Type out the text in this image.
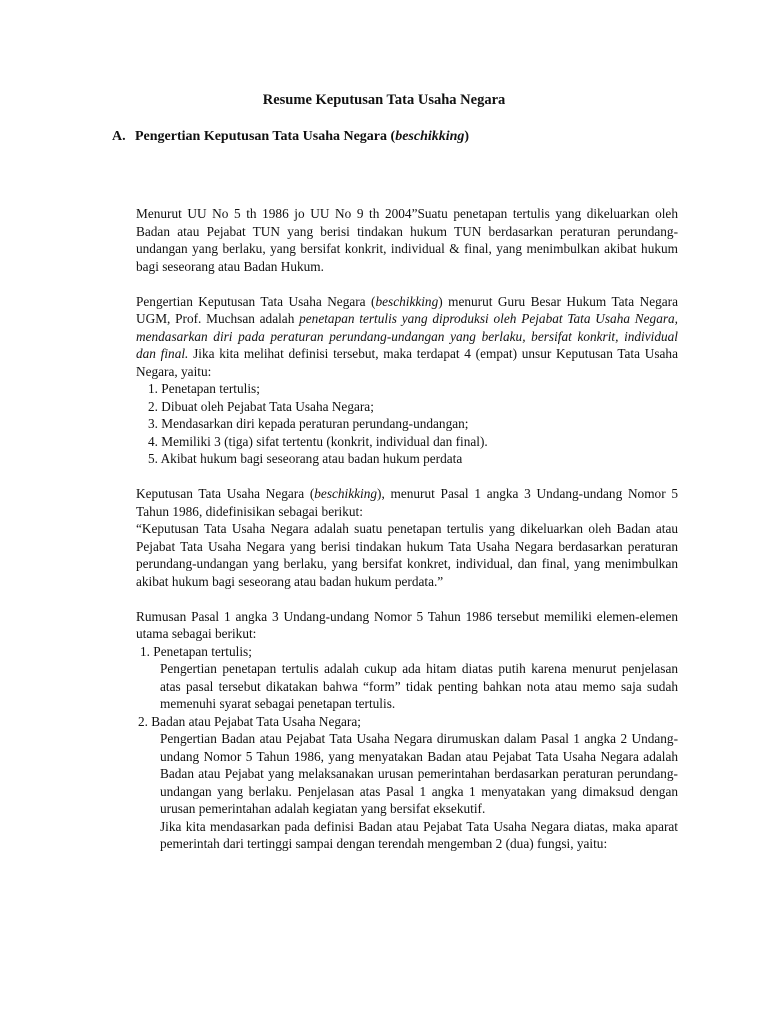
Resume Keputusan Tata Usaha Negara
A. Pengertian Keputusan Tata Usaha Negara (beschikking)

Menurut UU No 5 th 1986 jo UU No 9 th 2004”Suatu penetapan tertulis yang dikeluarkan oleh Badan atau Pejabat TUN yang berisi tindakan hukum TUN berdasarkan peraturan perundang-undangan yang berlaku, yang bersifat konkrit, individual & final, yang menimbulkan akibat hukum bagi seseorang atau Badan Hukum.

Pengertian Keputusan Tata Usaha Negara (beschikking) menurut Guru Besar Hukum Tata Negara UGM, Prof. Muchsan adalah penetapan tertulis yang diproduksi oleh Pejabat Tata Usaha Negara, mendasarkan diri pada peraturan perundang-undangan yang berlaku, bersifat konkrit, individual dan final. Jika kita melihat definisi tersebut, maka terdapat 4 (empat) unsur Keputusan Tata Usaha Negara, yaitu:

1. Penetapan tertulis;
2. Dibuat oleh Pejabat Tata Usaha Negara;
3. Mendasarkan diri kepada peraturan perundang-undangan;
4. Memiliki 3 (tiga) sifat tertentu (konkrit, individual dan final).
5. Akibat hukum bagi seseorang atau badan hukum perdata

Keputusan Tata Usaha Negara (beschikking), menurut Pasal 1 angka 3 Undang-undang Nomor 5 Tahun 1986, didefinisikan sebagai berikut:

“Keputusan Tata Usaha Negara adalah suatu penetapan tertulis yang dikeluarkan oleh Badan atau Pejabat Tata Usaha Negara yang berisi tindakan hukum Tata Usaha Negara berdasarkan peraturan perundang-undangan yang berlaku, yang bersifat konkret, individual, dan final, yang menimbulkan akibat hukum bagi seseorang atau badan hukum perdata.”

Rumusan Pasal 1 angka 3 Undang-undang Nomor 5 Tahun 1986 tersebut memiliki elemen-elemen utama sebagai berikut:

1. Penetapan tertulis;

Pengertian penetapan tertulis adalah cukup ada hitam diatas putih karena menurut penjelasan atas pasal tersebut dikatakan bahwa “form” tidak penting bahkan nota atau memo saja sudah memenuhi syarat sebagai penetapan tertulis.

2. Badan atau Pejabat Tata Usaha Negara;

Pengertian Badan atau Pejabat Tata Usaha Negara dirumuskan dalam Pasal 1 angka 2 Undang-undang Nomor 5 Tahun 1986, yang menyatakan Badan atau Pejabat Tata Usaha Negara adalah Badan atau Pejabat yang melaksanakan urusan pemerintahan berdasarkan peraturan perundang-undangan yang berlaku. Penjelasan atas Pasal 1 angka 1 menyatakan yang dimaksud dengan urusan pemerintahan adalah kegiatan yang bersifat eksekutif.

Jika kita mendasarkan pada definisi Badan atau Pejabat Tata Usaha Negara diatas, maka aparat pemerintah dari tertinggi sampai dengan terendah mengemban 2 (dua) fungsi, yaitu:
